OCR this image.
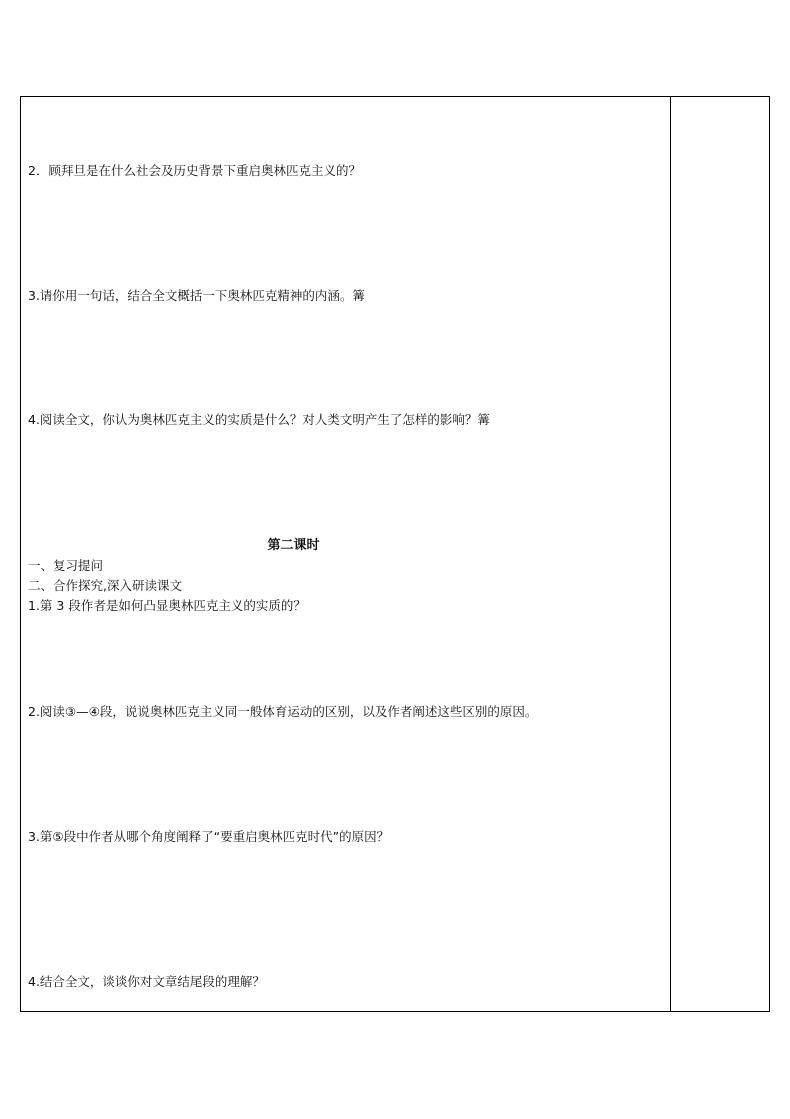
2．顾拜旦是在什么社会及历史背景下重启奥林匹克主义的？
3.请你用一句话，结合全文概括一下奥林匹克精神的内涵。篝
4.阅读全文，你认为奥林匹克主义的实质是什么？对人类文明产生了怎样的影响？篝
第二课时
一、复习提问
二、合作探究,深入研读课文
1.第 3 段作者是如何凸显奥林匹克主义的实质的？
2.阅读③—④段，说说奥林匹克主义同一般体育运动的区别，以及作者阐述这些区别的原因。
3.第⑤段中作者从哪个角度阐释了“要重启奥林匹克时代”的原因？
4.结合全文，谈谈你对文章结尾段的理解？
